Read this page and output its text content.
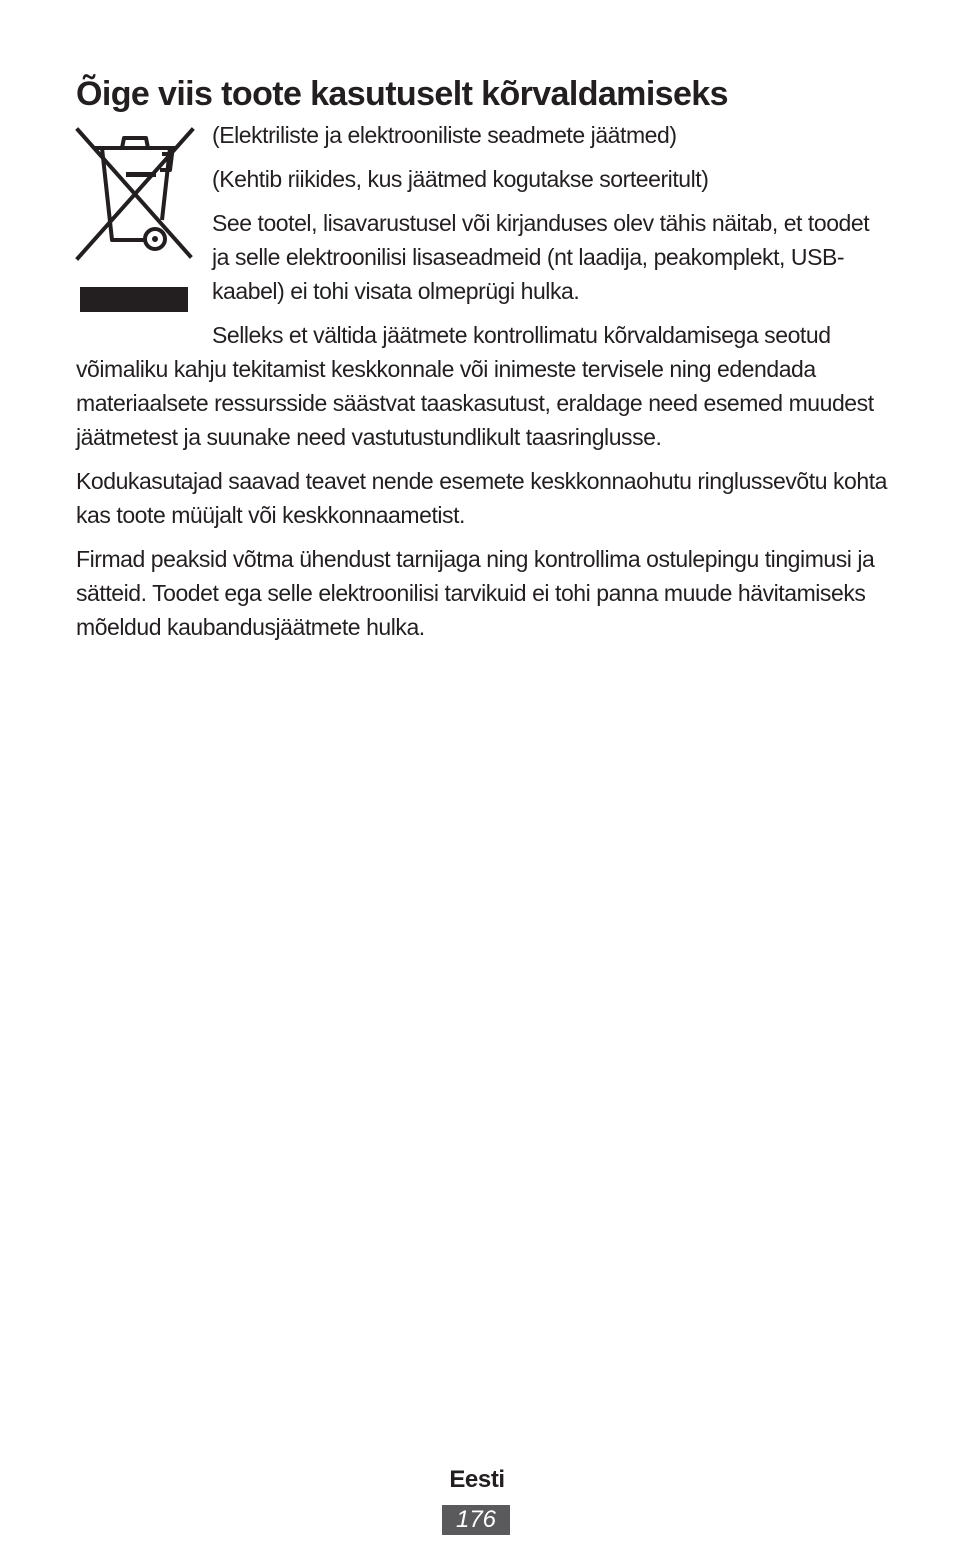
Õige viis toote kasutuselt kõrvaldamiseks

(Elektriliste ja elektrooniliste seadmete jäätmed)

(Kehtib riikides, kus jäätmed kogutakse sorteeritult)

See tootel, lisavarustusel või kirjanduses olev tähis näitab, et toodet ja selle elektroonilisi lisaseadmeid (nt laadija, peakomplekt, USB-kaabel) ei tohi visata olmeprügi hulka.

Selleks et vältida jäätmete kontrollimatu kõrvaldamisega seotud võimaliku kahju tekitamist keskkonnale või inimeste tervisele ning edendada materiaalsete ressursside säästvat taaskasutust, eraldage need esemed muudest jäätmetest ja suunake need vastutustundlikult taasringlusse.

Kodukasutajad saavad teavet nende esemete keskkonnaohutu ringlussevõtu kohta kas toote müüjalt või keskkonnaametist.

Firmad peaksid võtma ühendust tarnijaga ning kontrollima ostulepingu tingimusi ja sätteid. Toodet ega selle elektroonilisi tarvikuid ei tohi panna muude hävitamiseks mõeldud kaubandusjäätmete hulka.

Eesti
176
